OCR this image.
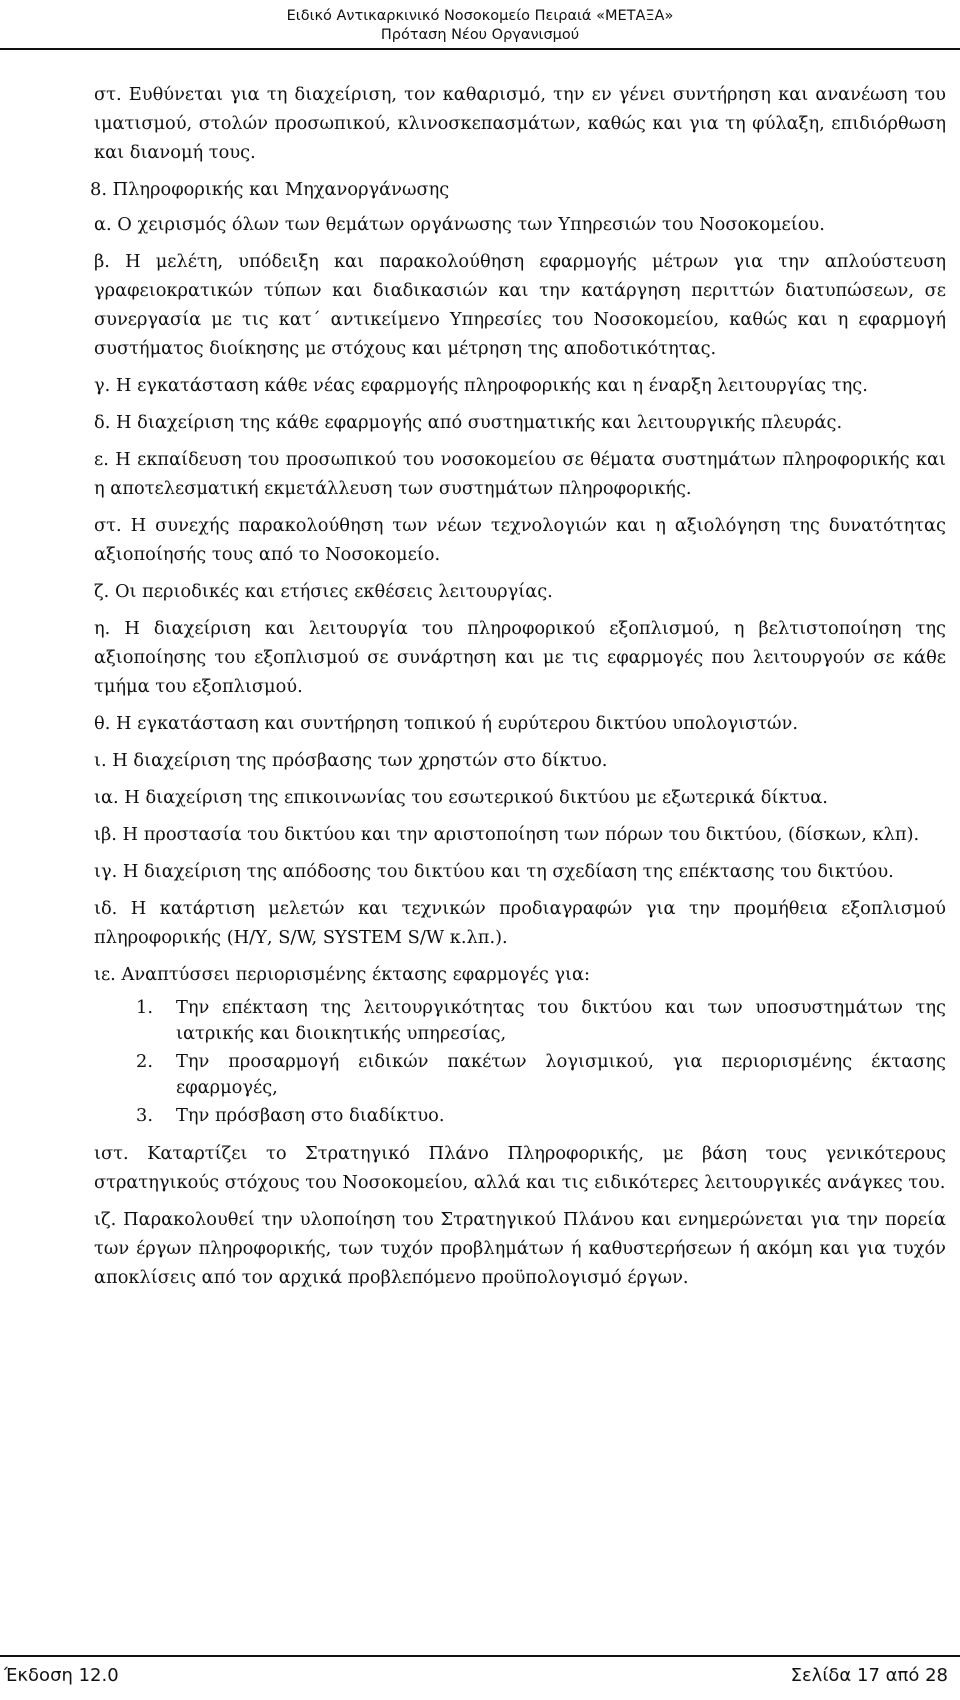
Ειδικό Αντικαρκινικό Νοσοκομείο Πειραιά «ΜΕΤΑΞΑ»
Πρόταση Νέου Οργανισμού

στ. Ευθύνεται για τη διαχείριση, τον καθαρισμό, την εν γένει συντήρηση και ανανέωση του ιματισμού, στολών προσωπικού, κλινοσκεπασμάτων, καθώς και για τη φύλαξη, επιδιόρθωση και διανομή τους.

8. Πληροφορικής και Μηχανοργάνωσης

α. Ο χειρισμός όλων των θεμάτων οργάνωσης των Υπηρεσιών του Νοσοκομείου.

β. Η μελέτη, υπόδειξη και παρακολούθηση εφαρμογής μέτρων για την απλούστευση γραφειοκρατικών τύπων και διαδικασιών και την κατάργηση περιττών διατυπώσεων, σε συνεργασία με τις κατ΄ αντικείμενο Υπηρεσίες του Νοσοκομείου, καθώς και η εφαρμογή συστήματος διοίκησης με στόχους και μέτρηση της αποδοτικότητας.

γ. Η εγκατάσταση κάθε νέας εφαρμογής πληροφορικής και η έναρξη λειτουργίας της.

δ. Η διαχείριση της κάθε εφαρμογής από συστηματικής και λειτουργικής πλευράς.

ε. Η εκπαίδευση του προσωπικού του νοσοκομείου σε θέματα συστημάτων πληροφορικής και η αποτελεσματική εκμετάλλευση των συστημάτων πληροφορικής.

στ. Η συνεχής παρακολούθηση των νέων τεχνολογιών και η αξιολόγηση της δυνατότητας αξιοποίησής τους από το Νοσοκομείο.

ζ. Οι περιοδικές και ετήσιες εκθέσεις λειτουργίας.

η. Η διαχείριση και λειτουργία του πληροφορικού εξοπλισμού, η βελτιστοποίηση της αξιοποίησης του εξοπλισμού σε συνάρτηση και με τις εφαρμογές που λειτουργούν σε κάθε τμήμα του εξοπλισμού.

θ. Η εγκατάσταση και συντήρηση τοπικού ή ευρύτερου δικτύου υπολογιστών.

ι. Η διαχείριση της πρόσβασης των χρηστών στο δίκτυο.

ια. Η διαχείριση της επικοινωνίας του εσωτερικού δικτύου με εξωτερικά δίκτυα.

ιβ. Η προστασία του δικτύου και την αριστοποίηση των πόρων του δικτύου, (δίσκων, κλπ).

ιγ. Η διαχείριση της απόδοσης του δικτύου και τη σχεδίαση της επέκτασης του δικτύου.

ιδ. Η κατάρτιση μελετών και τεχνικών προδιαγραφών για την προμήθεια εξοπλισμού πληροφορικής (Η/Υ, S/W, SYSTEM S/W κ.λπ.).

ιε. Αναπτύσσει περιορισμένης έκτασης εφαρμογές για:

1. Την επέκταση της λειτουργικότητας του δικτύου και των υποσυστημάτων της ιατρικής και διοικητικής υπηρεσίας,
2. Την προσαρμογή ειδικών πακέτων λογισμικού, για περιορισμένης έκτασης εφαρμογές,
3. Την πρόσβαση στο διαδίκτυο.

ιστ. Καταρτίζει το Στρατηγικό Πλάνο Πληροφορικής, με βάση τους γενικότερους στρατηγικούς στόχους του Νοσοκομείου, αλλά και τις ειδικότερες λειτουργικές ανάγκες του.

ιζ. Παρακολουθεί την υλοποίηση του Στρατηγικού Πλάνου και ενημερώνεται για την πορεία των έργων πληροφορικής, των τυχόν προβλημάτων ή καθυστερήσεων ή ακόμη και για τυχόν αποκλίσεις από τον αρχικά προβλεπόμενο προϋπολογισμό έργων.

Έκδοση 12.0	Σελίδα 17 από 28
